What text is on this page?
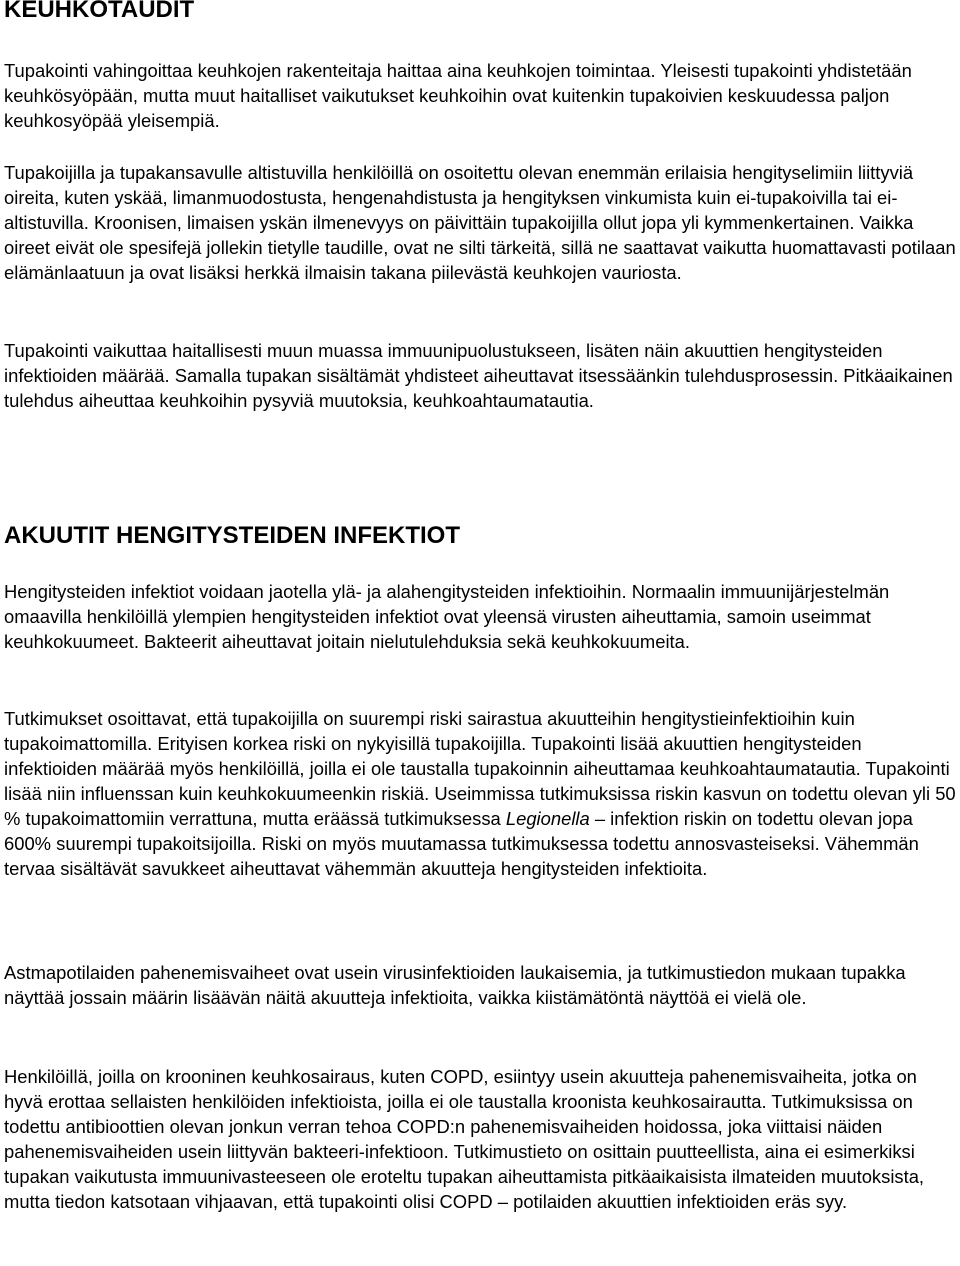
KEUHKOTAUDIT

Tupakointi vahingoittaa keuhkojen rakenteitaja haittaa aina keuhkojen toimintaa. Yleisesti tupakointi yhdistetään keuhkösyöpään, mutta muut haitalliset vaikutukset keuhkoihin ovat kuitenkin tupakoivien keskuudessa paljon keuhkosyöpää yleisempiä.

Tupakoijilla ja tupakansavulle altistuvilla henkilöillä on osoitettu olevan enemmän erilaisia hengityselimiin liittyviä oireita, kuten yskää, limanmuodostusta, hengenahdistusta ja hengityksen vinkumista kuin ei-tupakoivilla tai ei-altistuvilla. Kroonisen, limaisen yskän ilmenevyys on päivittäin tupakoijilla ollut jopa yli kymmenkertainen. Vaikka oireet eivät ole spesifejä jollekin tietylle taudille, ovat ne silti tärkeitä, sillä ne saattavat vaikutta huomattavasti potilaan elämänlaatuun ja ovat lisäksi herkkä ilmaisin takana piilevästä keuhkojen vauriosta.

Tupakointi vaikuttaa haitallisesti muun muassa immuunipuolustukseen, lisäten näin akuuttien hengitysteiden infektioiden määrää. Samalla tupakan sisältämät yhdisteet aiheuttavat itsessäänkin tulehdusprosessin. Pitkäaikainen tulehdus aiheuttaa keuhkoihin pysyviä muutoksia, keuhkoahtaumatautia.

AKUUTIT HENGITYSTEIDEN INFEKTIOT

Hengitysteiden infektiot voidaan jaotella ylä- ja alahengitysteiden infektioihin. Normaalin immuunijärjestelmän omaavilla henkilöillä ylempien hengitysteiden infektiot ovat yleensä virusten aiheuttamia, samoin useimmat keuhkokuumeet. Bakteerit aiheuttavat joitain nielutulehduksia sekä keuhkokuumeita.

Tutkimukset osoittavat, että tupakoijilla on suurempi riski sairastua akuutteihin hengitystieinfektioihin kuin tupakoimattomilla. Erityisen korkea riski on nykyisillä tupakoijilla. Tupakointi lisää akuuttien hengitysteiden infektioiden määrää myös henkilöillä, joilla ei ole taustalla tupakoinnin aiheuttamaa keuhkoahtaumatautia. Tupakointi lisää niin influenssan kuin keuhkokuumeenkin riskiä. Useimmissa tutkimuksissa riskin kasvun on todettu olevan yli 50 % tupakoimattomiin verrattuna, mutta eräässä tutkimuksessa Legionella – infektion riskin on todettu olevan jopa 600% suurempi tupakoitsijoilla. Riski on myös muutamassa tutkimuksessa todettu annosvasteiseksi. Vähemmän tervaa sisältävät savukkeet aiheuttavat vähemmän akuutteja hengitysteiden infektioita.

Astmapotilaiden pahenemisvaiheet ovat usein virusinfektioiden laukaisemia, ja tutkimustiedon mukaan tupakka näyttää jossain määrin lisäävän näitä akuutteja infektioita, vaikka kiistämätöntä näyttöä ei vielä ole.

Henkilöillä, joilla on krooninen keuhkosairaus, kuten COPD, esiintyy usein akuutteja pahenemisvaiheita, jotka on hyvä erottaa sellaisten henkilöiden infektioista, joilla ei ole taustalla kroonista keuhkosairautta. Tutkimuksissa on todettu antibioottien olevan jonkun verran tehoa COPD:n pahenemisvaiheiden hoidossa, joka viittaisi näiden pahenemisvaiheiden usein liittyvän bakteeri-infektioon. Tutkimustieto on osittain puutteellista, aina ei esimerkiksi tupakan vaikutusta immuunivasteeseen ole eroteltu tupakan aiheuttamista pitkäaikaisista ilmateiden muutoksista, mutta tiedon katsotaan vihjaavan, että tupakointi olisi COPD – potilaiden akuuttien infektioiden eräs syy.
